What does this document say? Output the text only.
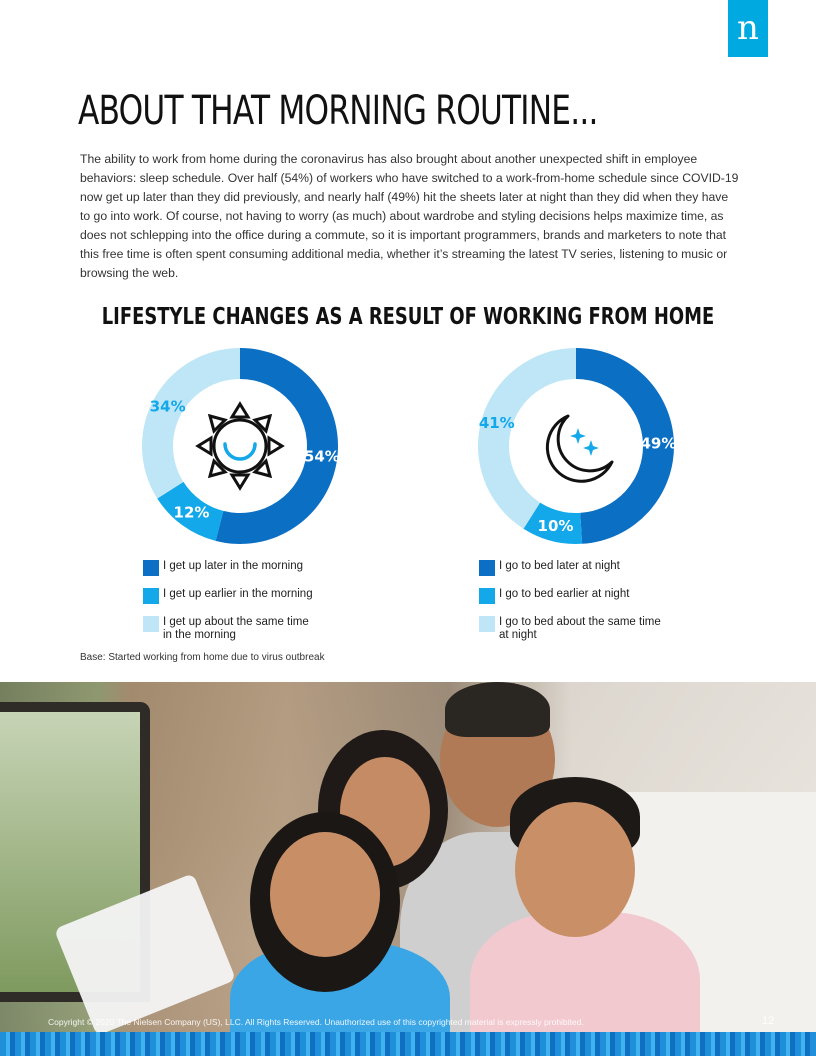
n
ABOUT THAT MORNING ROUTINE...

The ability to work from home during the coronavirus has also brought about another unexpected shift in employee behaviors: sleep schedule. Over half (54%) of workers who have switched to a work-from-home schedule since COVID-19 now get up later than they did previously, and nearly half (49%) hit the sheets later at night than they did when they have to go into work. Of course, not having to worry (as much) about wardrobe and styling decisions helps maximize time, as does not schlepping into the office during a commute, so it is important programmers, brands and marketers to note that this free time is often spent consuming additional media, whether it’s streaming the latest TV series, listening to music or browsing the web.

LIFESTYLE CHANGES AS A RESULT OF WORKING FROM HOME
54%
12%
34%
49%
10%
41%
I get up later in the morning
I get up earlier in the morning
I get up about the same time
in the morning
I go to bed later at night
I go to bed earlier at night
I go to bed about the same time
at night
Base: Started working from home due to virus outbreak
Copyright © 2020 The Nielsen Company (US), LLC. All Rights Reserved. Unauthorized use of this copyrighted material is expressly prohibited.	12
